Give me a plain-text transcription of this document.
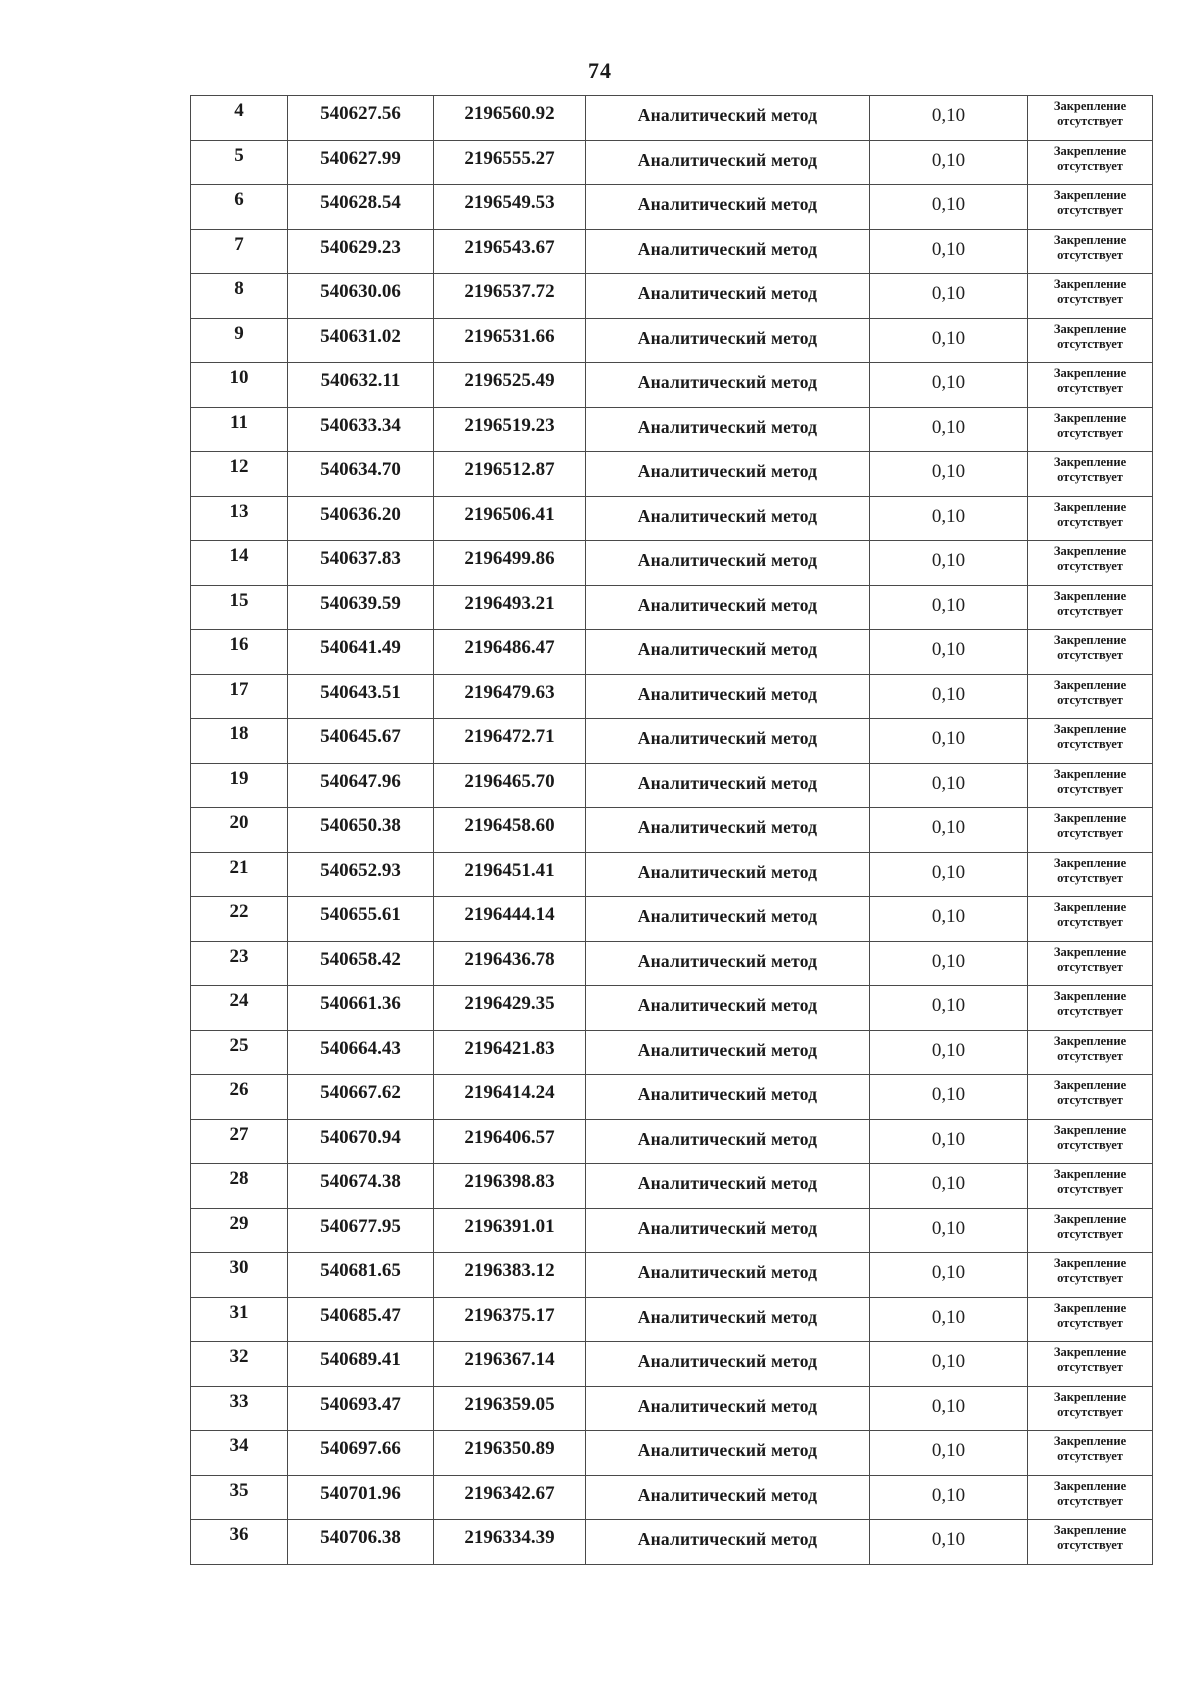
74
4	540627.56	2196560.92	Аналитический метод	0,10	Закрепление отсутствует

5	540627.99	2196555.27	Аналитический метод	0,10	Закрепление отсутствует

6	540628.54	2196549.53	Аналитический метод	0,10	Закрепление отсутствует

7	540629.23	2196543.67	Аналитический метод	0,10	Закрепление отсутствует

8	540630.06	2196537.72	Аналитический метод	0,10	Закрепление отсутствует

9	540631.02	2196531.66	Аналитический метод	0,10	Закрепление отсутствует

10	540632.11	2196525.49	Аналитический метод	0,10	Закрепление отсутствует

11	540633.34	2196519.23	Аналитический метод	0,10	Закрепление отсутствует

12	540634.70	2196512.87	Аналитический метод	0,10	Закрепление отсутствует

13	540636.20	2196506.41	Аналитический метод	0,10	Закрепление отсутствует

14	540637.83	2196499.86	Аналитический метод	0,10	Закрепление отсутствует

15	540639.59	2196493.21	Аналитический метод	0,10	Закрепление отсутствует

16	540641.49	2196486.47	Аналитический метод	0,10	Закрепление отсутствует

17	540643.51	2196479.63	Аналитический метод	0,10	Закрепление отсутствует

18	540645.67	2196472.71	Аналитический метод	0,10	Закрепление отсутствует

19	540647.96	2196465.70	Аналитический метод	0,10	Закрепление отсутствует

20	540650.38	2196458.60	Аналитический метод	0,10	Закрепление отсутствует

21	540652.93	2196451.41	Аналитический метод	0,10	Закрепление отсутствует

22	540655.61	2196444.14	Аналитический метод	0,10	Закрепление отсутствует

23	540658.42	2196436.78	Аналитический метод	0,10	Закрепление отсутствует

24	540661.36	2196429.35	Аналитический метод	0,10	Закрепление отсутствует

25	540664.43	2196421.83	Аналитический метод	0,10	Закрепление отсутствует

26	540667.62	2196414.24	Аналитический метод	0,10	Закрепление отсутствует

27	540670.94	2196406.57	Аналитический метод	0,10	Закрепление отсутствует

28	540674.38	2196398.83	Аналитический метод	0,10	Закрепление отсутствует

29	540677.95	2196391.01	Аналитический метод	0,10	Закрепление отсутствует

30	540681.65	2196383.12	Аналитический метод	0,10	Закрепление отсутствует

31	540685.47	2196375.17	Аналитический метод	0,10	Закрепление отсутствует

32	540689.41	2196367.14	Аналитический метод	0,10	Закрепление отсутствует

33	540693.47	2196359.05	Аналитический метод	0,10	Закрепление отсутствует

34	540697.66	2196350.89	Аналитический метод	0,10	Закрепление отсутствует

35	540701.96	2196342.67	Аналитический метод	0,10	Закрепление отсутствует

36	540706.38	2196334.39	Аналитический метод	0,10	Закрепление отсутствует
